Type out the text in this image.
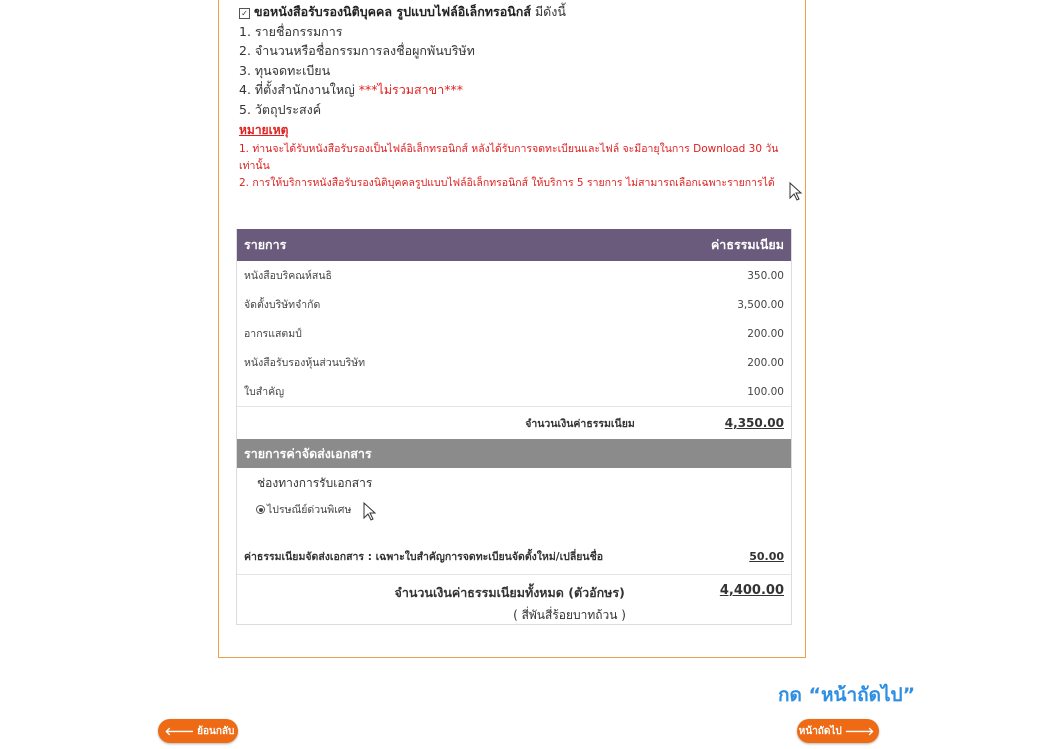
✓ ขอหนังสือรับรองนิติบุคคล รูปแบบไฟล์อิเล็กทรอนิกส์ มีดังนี้
1. รายชื่อกรรมการ
2. จำนวนหรือชื่อกรรมการลงชื่อผูกพันบริษัท
3. ทุนจดทะเบียน
4. ที่ตั้งสำนักงานใหญ่ ***ไม่รวมสาขา***
5. วัตถุประสงค์
หมายเหตุ
1. ท่านจะได้รับหนังสือรับรองเป็นไฟล์อิเล็กทรอนิกส์ หลังได้รับการจดทะเบียนและไฟล์ จะมีอายุในการ Download 30 วัน เท่านั้น
2. การให้บริการหนังสือรับรองนิติบุคคลรูปแบบไฟล์อิเล็กทรอนิกส์ ให้บริการ 5 รายการ ไม่สามารถเลือกเฉพาะรายการได้
รายการ	ค่าธรรมเนียม
หนังสือบริคณห์สนธิ	350.00
จัดตั้งบริษัทจำกัด	3,500.00
อากรแสตมป์	200.00
หนังสือรับรองหุ้นส่วนบริษัท	200.00
ใบสำคัญ	100.00
จำนวนเงินค่าธรรมเนียม	4,350.00
รายการค่าจัดส่งเอกสาร
ช่องทางการรับเอกสาร
ไปรษณีย์ด่วนพิเศษ
ค่าธรรมเนียมจัดส่งเอกสาร : เฉพาะใบสำคัญการจดทะเบียนจัดตั้งใหม่/เปลี่ยนชื่อ	50.00
จำนวนเงินค่าธรรมเนียมทั้งหมด (ตัวอักษร)	4,400.00
( สี่พันสี่ร้อยบาทถ้วน )
กด “หน้าถัดไป”
🡐 ย้อนกลับ	หน้าถัดไป 🡒
